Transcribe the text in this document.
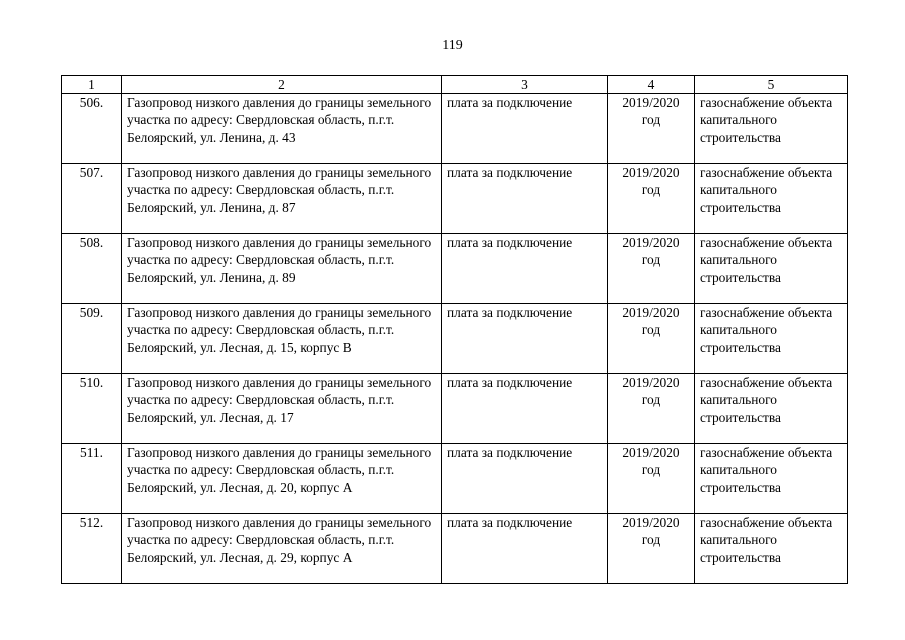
119
1	2	3	4	5
506.	Газопровод низкого давления до границы земельного участка по адресу: Свердловская область, п.г.т. Белоярский, ул. Ленина, д. 43	плата за подключение	2019/2020 год	газоснабжение объекта капитального строительства
507.	Газопровод низкого давления до границы земельного участка по адресу: Свердловская область, п.г.т. Белоярский, ул. Ленина, д. 87	плата за подключение	2019/2020 год	газоснабжение объекта капитального строительства
508.	Газопровод низкого давления до границы земельного участка по адресу: Свердловская область, п.г.т. Белоярский, ул. Ленина, д. 89	плата за подключение	2019/2020 год	газоснабжение объекта капитального строительства
509.	Газопровод низкого давления до границы земельного участка по адресу: Свердловская область, п.г.т. Белоярский, ул. Лесная, д. 15, корпус В	плата за подключение	2019/2020 год	газоснабжение объекта капитального строительства
510.	Газопровод низкого давления до границы земельного участка по адресу: Свердловская область, п.г.т. Белоярский, ул. Лесная, д. 17	плата за подключение	2019/2020 год	газоснабжение объекта капитального строительства
511.	Газопровод низкого давления до границы земельного участка по адресу: Свердловская область, п.г.т. Белоярский, ул. Лесная, д. 20, корпус А	плата за подключение	2019/2020 год	газоснабжение объекта капитального строительства
512.	Газопровод низкого давления до границы земельного участка по адресу: Свердловская область, п.г.т. Белоярский, ул. Лесная, д. 29, корпус А	плата за подключение	2019/2020 год	газоснабжение объекта капитального строительства
